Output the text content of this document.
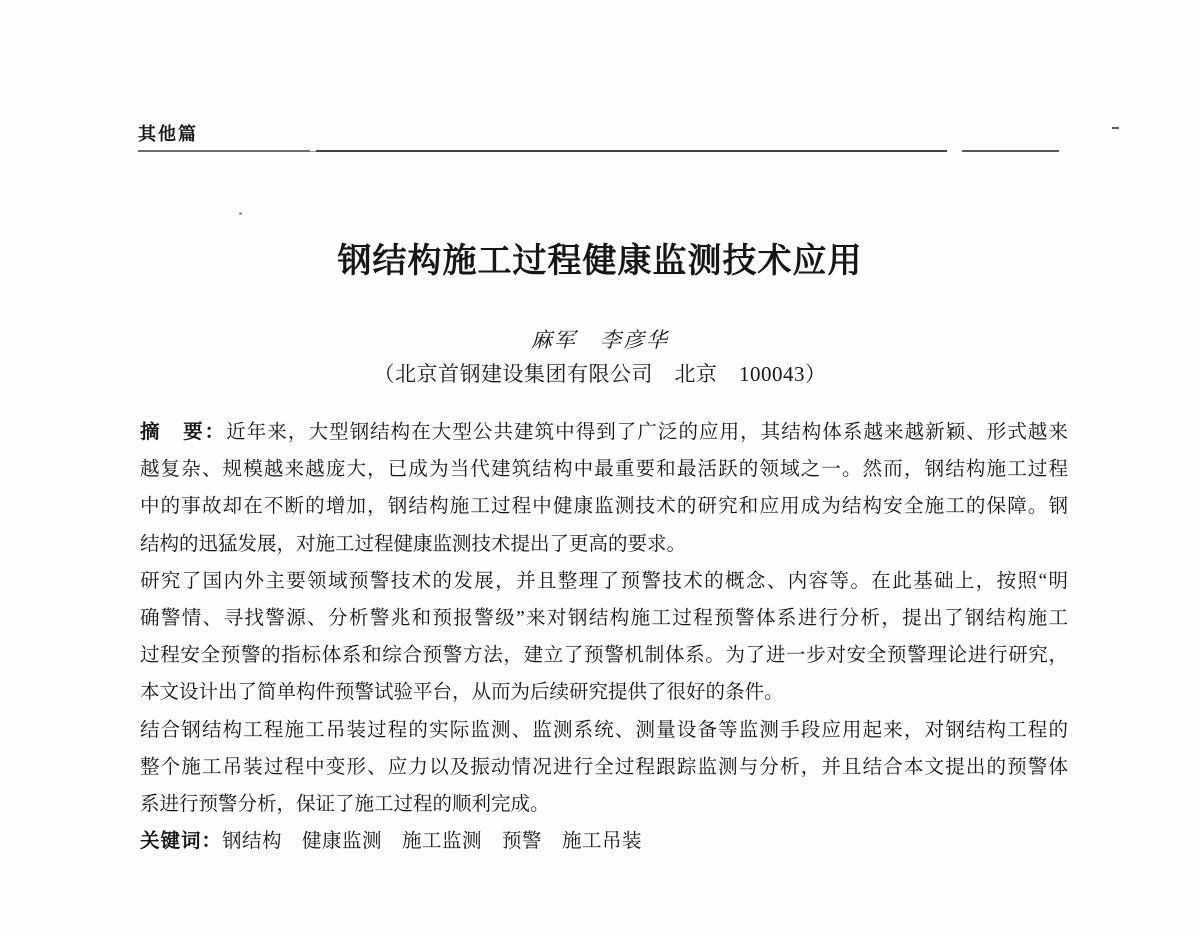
其他篇
钢结构施工过程健康监测技术应用
麻军　李彦华
（北京首钢建设集团有限公司　北京　100043）
摘　要：近年来，大型钢结构在大型公共建筑中得到了广泛的应用，其结构体系越来越新颖、形式越来
越复杂、规模越来越庞大，已成为当代建筑结构中最重要和最活跃的领域之一。然而，钢结构施工过程
中的事故却在不断的增加，钢结构施工过程中健康监测技术的研究和应用成为结构安全施工的保障。钢
结构的迅猛发展，对施工过程健康监测技术提出了更高的要求。
研究了国内外主要领域预警技术的发展，并且整理了预警技术的概念、内容等。在此基础上，按照“明
确警情、寻找警源、分析警兆和预报警级”来对钢结构施工过程预警体系进行分析，提出了钢结构施工
过程安全预警的指标体系和综合预警方法，建立了预警机制体系。为了进一步对安全预警理论进行研究，
本文设计出了简单构件预警试验平台，从而为后续研究提供了很好的条件。
结合钢结构工程施工吊装过程的实际监测、监测系统、测量设备等监测手段应用起来，对钢结构工程的
整个施工吊装过程中变形、应力以及振动情况进行全过程跟踪监测与分析，并且结合本文提出的预警体
系进行预警分析，保证了施工过程的顺利完成。
关键词：钢结构　健康监测　施工监测　预警　施工吊装
